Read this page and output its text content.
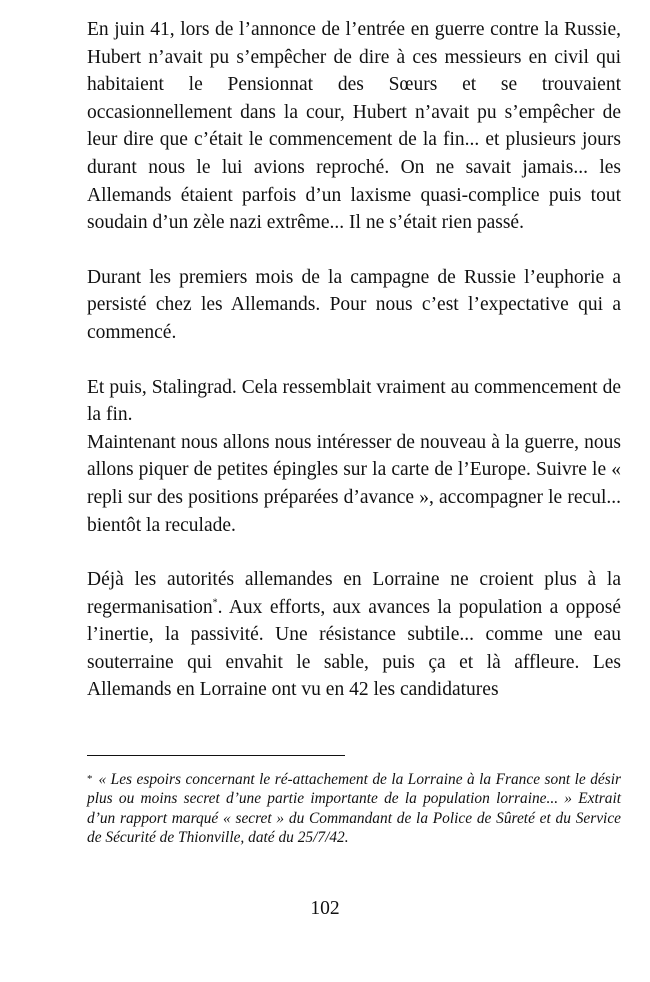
En juin 41, lors de l’annonce de l’entrée en guerre contre la Russie, Hubert n’avait pu s’empêcher de dire à ces messieurs en civil qui habitaient le Pensionnat des Sœurs et se trouvaient occasionnellement dans la cour, Hubert n’avait pu s’empêcher de leur dire que c’était le commencement de la fin... et plusieurs jours durant nous le lui avions reproché. On ne savait jamais... les Allemands étaient parfois d’un laxisme quasi-complice puis tout soudain d’un zèle nazi extrême... Il ne s’était rien passé.

Durant les premiers mois de la campagne de Russie l’euphorie a persisté chez les Allemands. Pour nous c’est l’expectative qui a commencé.

Et puis, Stalingrad. Cela ressemblait vraiment au commencement de la fin.

Maintenant nous allons nous intéresser de nouveau à la guerre, nous allons piquer de petites épingles sur la carte de l’Europe. Suivre le « repli sur des positions préparées d’avance », accompagner le recul... bientôt la reculade.

Déjà les autorités allemandes en Lorraine ne croient plus à la regermanisation*. Aux efforts, aux avances la population a opposé l’inertie, la passivité. Une résistance subtile... comme une eau souterraine qui envahit le sable, puis ça et là affleure. Les Allemands en Lorraine ont vu en 42 les candidatures

* « Les espoirs concernant le ré-attachement de la Lorraine à la France sont le désir plus ou moins secret d’une partie importante de la population lorraine... » Extrait d’un rapport marqué « secret » du Commandant de la Police de Sûreté et du Service de Sécurité de Thionville, daté du 25/7/42.

102
